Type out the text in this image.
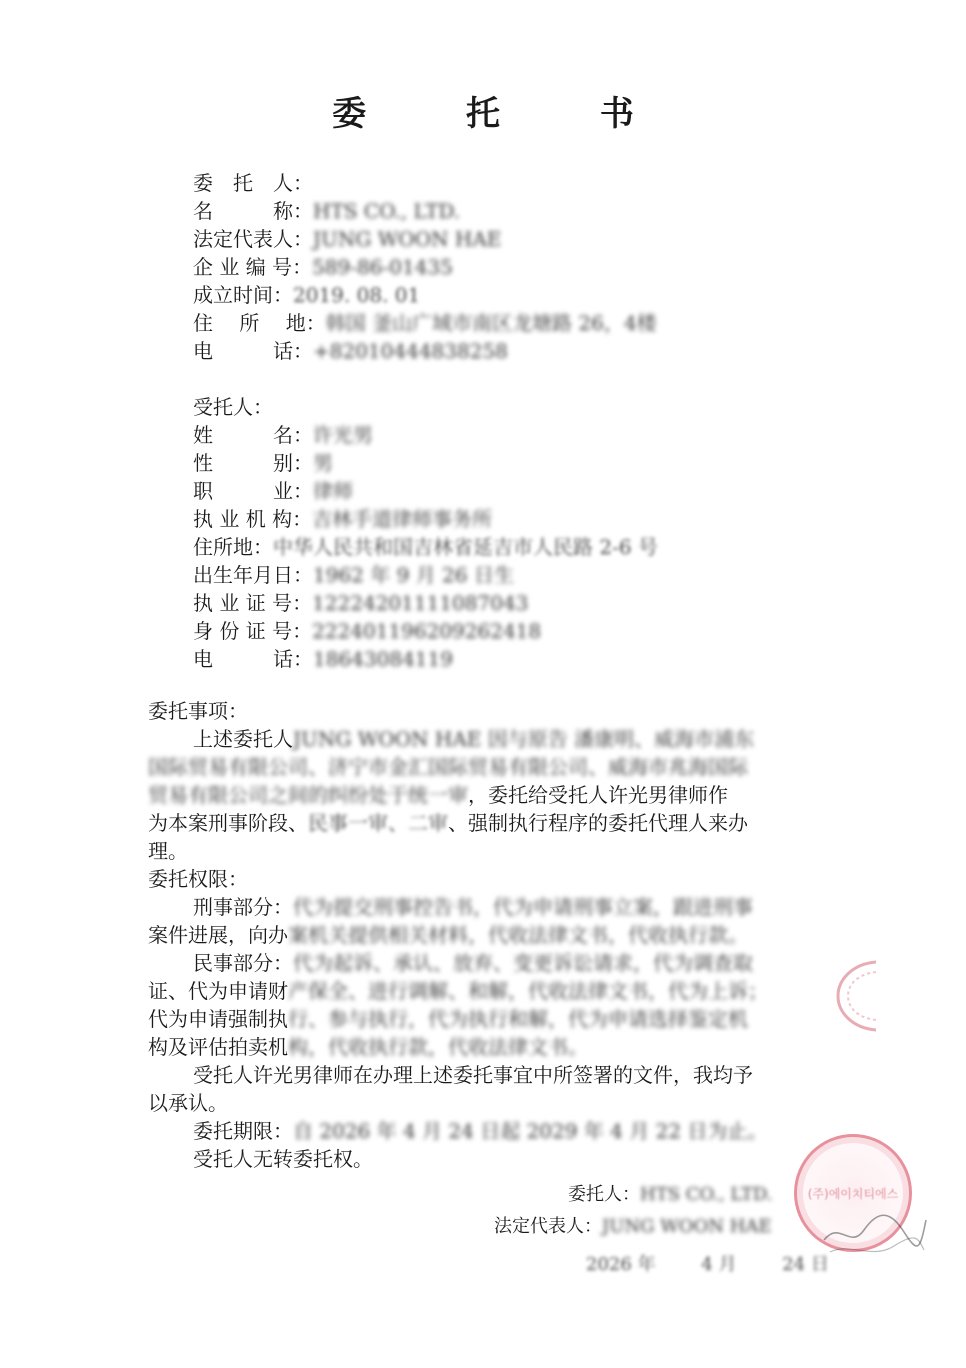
委 托 书
委　托　人：
名　　　称：HTS CO., LTD.
法定代表人：JUNG WOON HAE
企 业 编 号：589-86-01435
成立时间：2019. 08. 01
住　 所　 地：韩国 釜山广域市南区龙塘路 26，4楼
电　　　话：+82010444838258
受托人：
姓　　　名：许光男
性　　　别：男
职　　　业：律师
执 业 机 构：吉林手道律师事务所
住所地：中华人民共和国吉林省延吉市人民路 2-6 号
出生年月日：1962 年 9 月 26 日生
执 业 证 号：12224201111087043
身 份 证 号：222401196209262418
电　　　话：18643084119
委托事项：
上述委托人JUNG WOON HAE 因与原告 潘康明、威海市浦东
国际贸易有限公司、济宁市金汇国际贸易有限公司、威海市兆海国际
贸易有限公司之间的纠纷处于统一审，委托给受托人许光男律师作
为本案刑事阶段、民事一审、二审、强制执行程序的委托代理人来办
理。
委托权限：
刑事部分：代为提交刑事控告书，代为申请刑事立案，跟进刑事
案件进展，向办案机关提供相关材料，代收法律文书，代收执行款。
民事部分：代为起诉、承认、放弃、变更诉讼请求，代为调查取
证、代为申请财产保全、进行调解、和解，代收法律文书，代为上诉；
代为申请强制执行、参与执行，代为执行和解，代为申请选择鉴定机
构及评估拍卖机构，代收执行款，代收法律文书。
受托人许光男律师在办理上述委托事宜中所签署的文件，我均予
以承认。
委托期限：自 2026 年 4 月 24 日起 2029 年 4 月 22 日为止。
受托人无转委托权。
委托人：HTS CO., LTD.
法定代表人：JUNG WOON HAE
2026 年	4 月	24 日
(주)에이치티에스
